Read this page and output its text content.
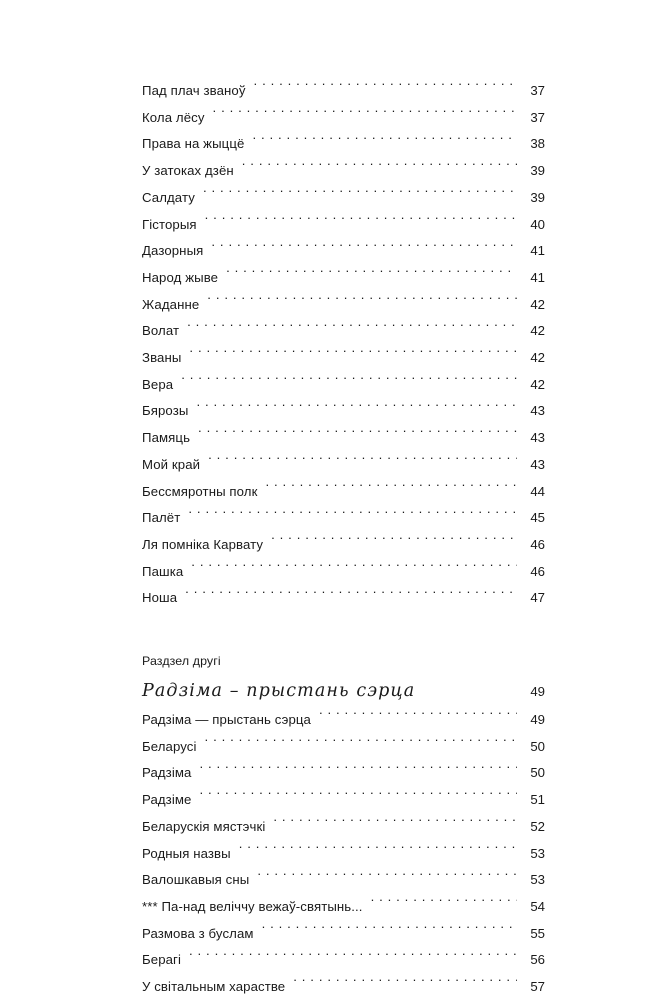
Пад плач званоў . . .	37
Кола лёсу . . .	37
Права на жыццё . . .	38
У затоках дзён . . .	39
Салдату . . .	39
Гісторыя . . .	40
Дазорныя . . .	41
Народ жыве . . .	41
Жаданне . . .	42
Волат . . .	42
Званы . . .	42
Вера . . .	42
Бярозы . . .	43
Памяць . . .	43
Мой край . . .	43
Бессмяротны полк . . .	44
Палёт . . .	45
Ля помніка Карвату . . .	46
Пашка . . .	46
Ноша . . .	47
Раздзел другі
Радзіма – прыстань сэрца . . .	49
Радзіма — прыстань сэрца . . .	49
Беларусі . . .	50
Радзіма . . .	50
Радзіме . . .	51
Беларускія мястэчкі . . .	52
Родныя назвы . . .	53
Валошкавыя сны . . .	53
*** Па-над веліччу вежаў-святынь... . . .	54
Размова з буслам . . .	55
Берагі . . .	56
У світальным харастве . . .	57
